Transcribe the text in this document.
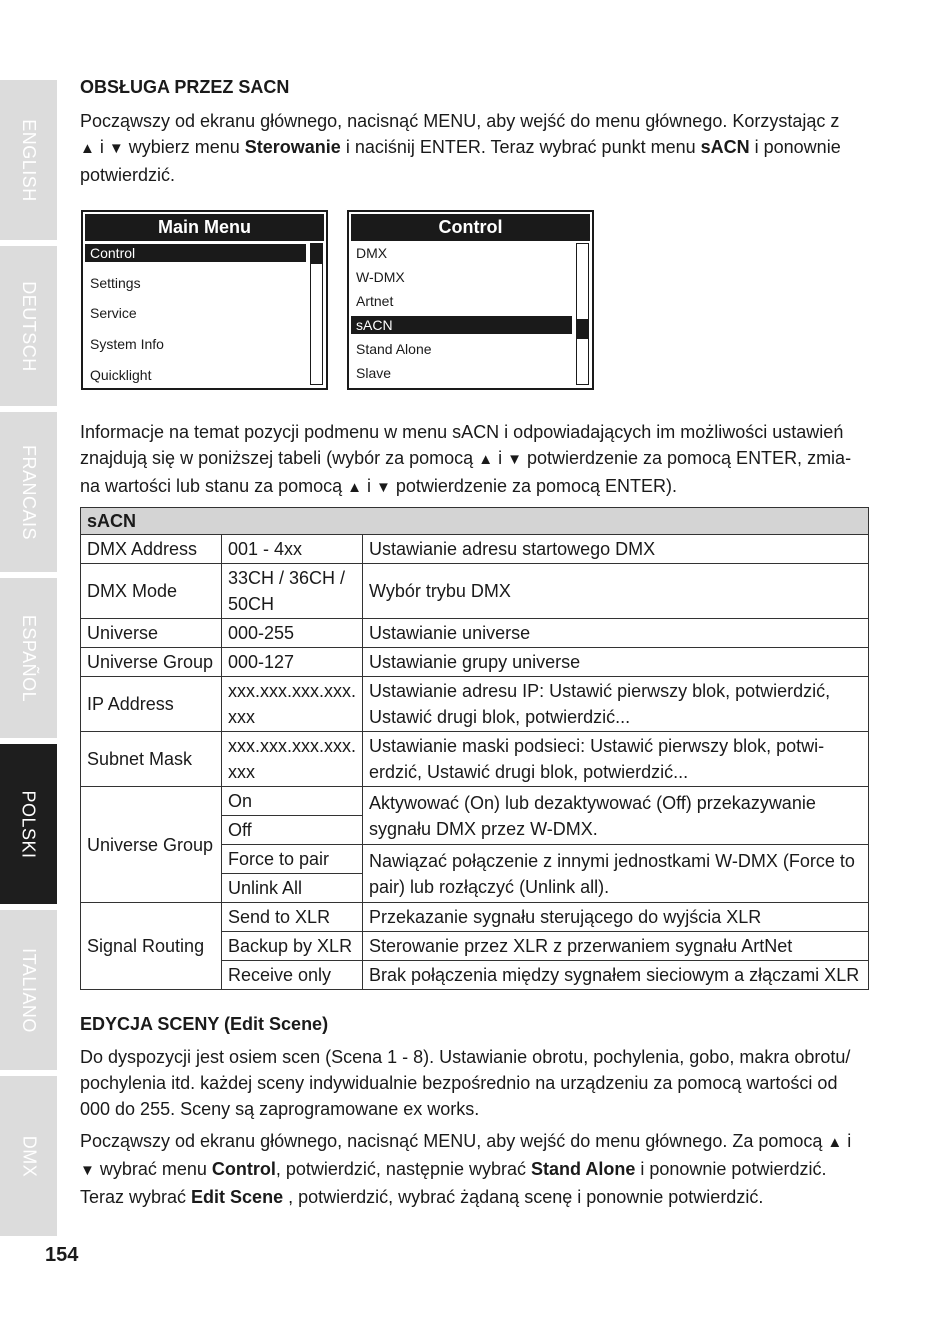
ENGLISH
DEUTSCH
FRANCAIS
ESPAÑOL
POLSKI
ITALIANO
DMX
OBSŁUGA PRZEZ SACN

Począwszy od ekranu głównego, nacisnąć MENU, aby wejść do menu głównego. Korzystając z
▲ i ▼ wybierz menu Sterowanie i naciśnij ENTER. Teraz wybrać punkt menu sACN i ponownie
potwierdzić.

Main Menu
Control
Settings
Service
System Info
Quicklight
Control
DMX
W-DMX
Artnet
sACN
Stand Alone
Slave

Informacje na temat pozycji podmenu w menu sACN i odpowiadających im możliwości ustawień
znajdują się w poniższej tabeli (wybór za pomocą ▲ i ▼ potwierdzenie za pomocą ENTER, zmia-
na wartości lub stanu za pomocą ▲ i ▼ potwierdzenie za pomocą ENTER).

sACN		
DMX Address	001 - 4xx	Ustawianie adresu startowego DMX
DMX Mode	33CH / 36CH /
50CH	Wybór trybu DMX
Universe	000-255	Ustawianie universe
Universe Group	000-127	Ustawianie grupy universe
IP Address	xxx.xxx.xxx.xxx.
xxx	Ustawianie adresu IP: Ustawić pierwszy blok, potwierdzić,
Ustawić drugi blok, potwierdzić...
Subnet Mask	xxx.xxx.xxx.xxx.
xxx	Ustawianie maski podsieci: Ustawić pierwszy blok, potwi-
erdzić, Ustawić drugi blok, potwierdzić...
Universe Group	On	Aktywować (On) lub dezaktywować (Off) przekazywanie
sygnału DMX przez W-DMX.
	Off	
	Force to pair	Nawiązać połączenie z innymi jednostkami W-DMX (Force to
pair) lub rozłączyć (Unlink all).
	Unlink All	
Signal Routing	Send to XLR	Przekazanie sygnału sterującego do wyjścia XLR
	Backup by XLR	Sterowanie przez XLR z przerwaniem sygnału ArtNet
	Receive only	Brak połączenia między sygnałem sieciowym a złączami XLR
EDYCJA SCENY (Edit Scene)

Do dyspozycji jest osiem scen (Scena 1 - 8). Ustawianie obrotu, pochylenia, gobo, makra obrotu/
pochylenia itd. każdej sceny indywidualnie bezpośrednio na urządzeniu za pomocą wartości od
000 do 255. Sceny są zaprogramowane ex works.

Począwszy od ekranu głównego, nacisnąć MENU, aby wejść do menu głównego. Za pomocą ▲ i
▼ wybrać menu Control, potwierdzić, następnie wybrać Stand Alone i ponownie potwierdzić.
Teraz wybrać Edit Scene , potwierdzić, wybrać żądaną scenę i ponownie potwierdzić.

154
